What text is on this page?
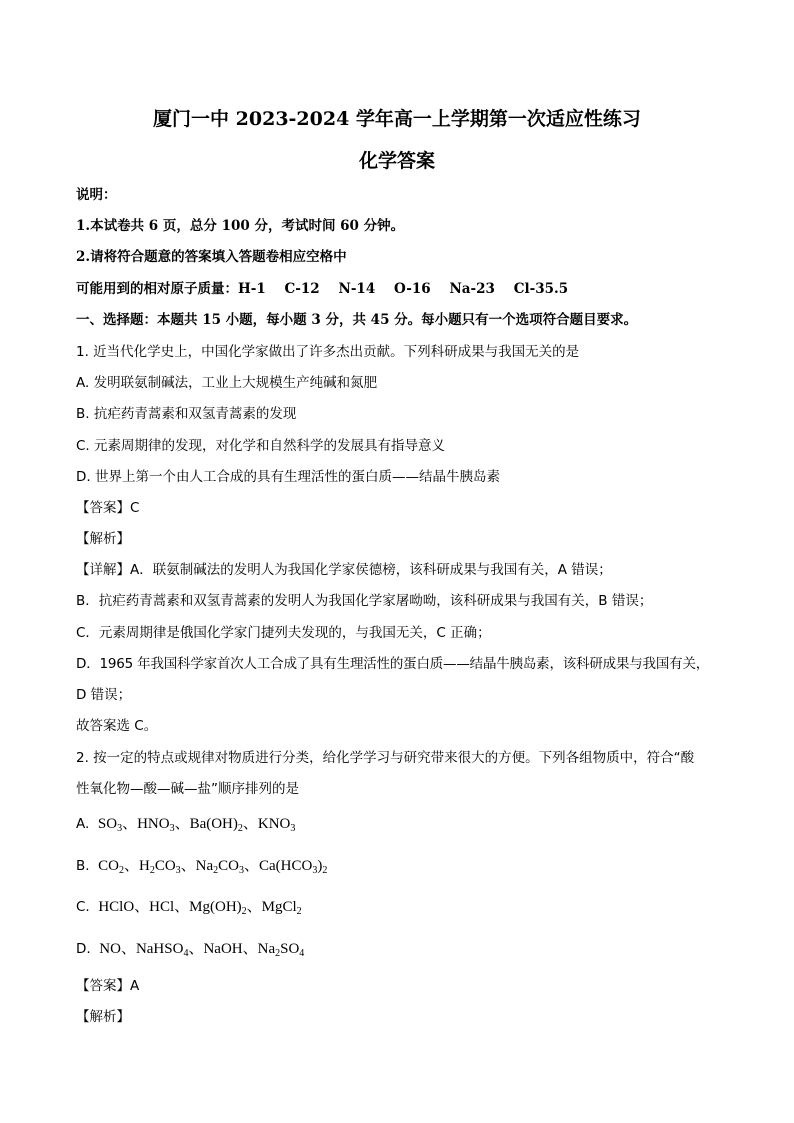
厦门一中 2023-2024 学年高一上学期第一次适应性练习
化学答案
说明：
1.本试卷共 6 页，总分 100 分，考试时间 60 分钟。
2.请将符合题意的答案填入答题卷相应空格中
可能用到的相对原子质量：H-1    C-12    N-14    O-16    Na-23    Cl-35.5
一、选择题：本题共 15 小题，每小题 3 分，共 45 分。每小题只有一个选项符合题目要求。
1. 近当代化学史上，中国化学家做出了许多杰出贡献。下列科研成果与我国无关的是
A. 发明联氨制碱法，工业上大规模生产纯碱和氮肥
B. 抗疟药青蒿素和双氢青蒿素的发现
C. 元素周期律的发现，对化学和自然科学的发展具有指导意义
D. 世界上第一个由人工合成的具有生理活性的蛋白质——结晶牛胰岛素
【答案】C
【解析】
【详解】A．联氨制碱法的发明人为我国化学家侯德榜，该科研成果与我国有关，A 错误；
B．抗疟药青蒿素和双氢青蒿素的发明人为我国化学家屠呦呦，该科研成果与我国有关，B 错误；
C．元素周期律是俄国化学家门捷列夫发现的，与我国无关，C 正确；
D．1965 年我国科学家首次人工合成了具有生理活性的蛋白质——结晶牛胰岛素，该科研成果与我国有关，
D 错误；
故答案选 C。
2. 按一定的特点或规律对物质进行分类，给化学学习与研究带来很大的方便。下列各组物质中，符合“酸
性氧化物—酸—碱—盐”顺序排列的是
A.  $SO_3$、$HNO_3$、$Ba(OH)_2$、$KNO_3$
B.  $CO_2$、$H_2CO_3$、$Na_2CO_3$、$Ca(HCO_3)_2$
C.  HClO、HCl、$Mg(OH)_2$、MgCl$_2$
D.  NO、NaHSO$_4$、NaOH、$Na_2SO_4$
【答案】A
【解析】
